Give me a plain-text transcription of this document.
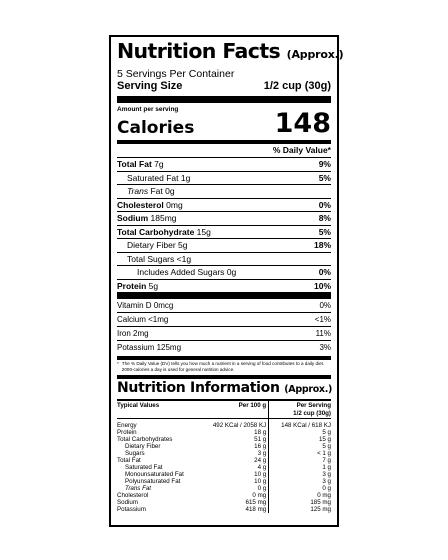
Nutrition Facts (Approx.)
5 Servings Per Container
Serving Size	1/2 cup (30g)
Amount per serving
Calories	148
% Daily Value*
Total Fat 7g	9%
Saturated Fat 1g	5%
Trans Fat 0g
Cholesterol 0mg	0%
Sodium 185mg	8%
Total Carbohydrate 15g	5%
Dietary Fiber 5g	18%
Total Sugars <1g
Includes Added Sugars 0g	0%
Protein 5g	10%
Vitamin D 0mcg	0%
Calcium <1mg	<1%
Iron 2mg	11%
Potassium 125mg	3%
* The % Daily Value (DV) tells you how much a nutrient in a serving of food contributes to a daily diet. 2000-calories a day is used for general nutrition advice.
Nutrition Information (Approx.)
Typical Values	Per 100 g	Per Serving
1/2 cup (30g)
Energy	492 KCal / 2058 KJ	148 KCal / 618 KJ
Protein	18 g	5 g
Total Carbohydrates	51 g	15 g
Dietary Fiber	16 g	5 g
Sugars	3 g	< 1 g
Total Fat	24 g	7 g
Saturated Fat	4 g	1 g
Monounsaturated Fat	10 g	3 g
Polyunsaturated Fat	10 g	3 g
Trans Fat	0 g	0 g
Cholesterol	0 mg	0 mg
Sodium	615 mg	185 mg
Potassium	418 mg	125 mg
